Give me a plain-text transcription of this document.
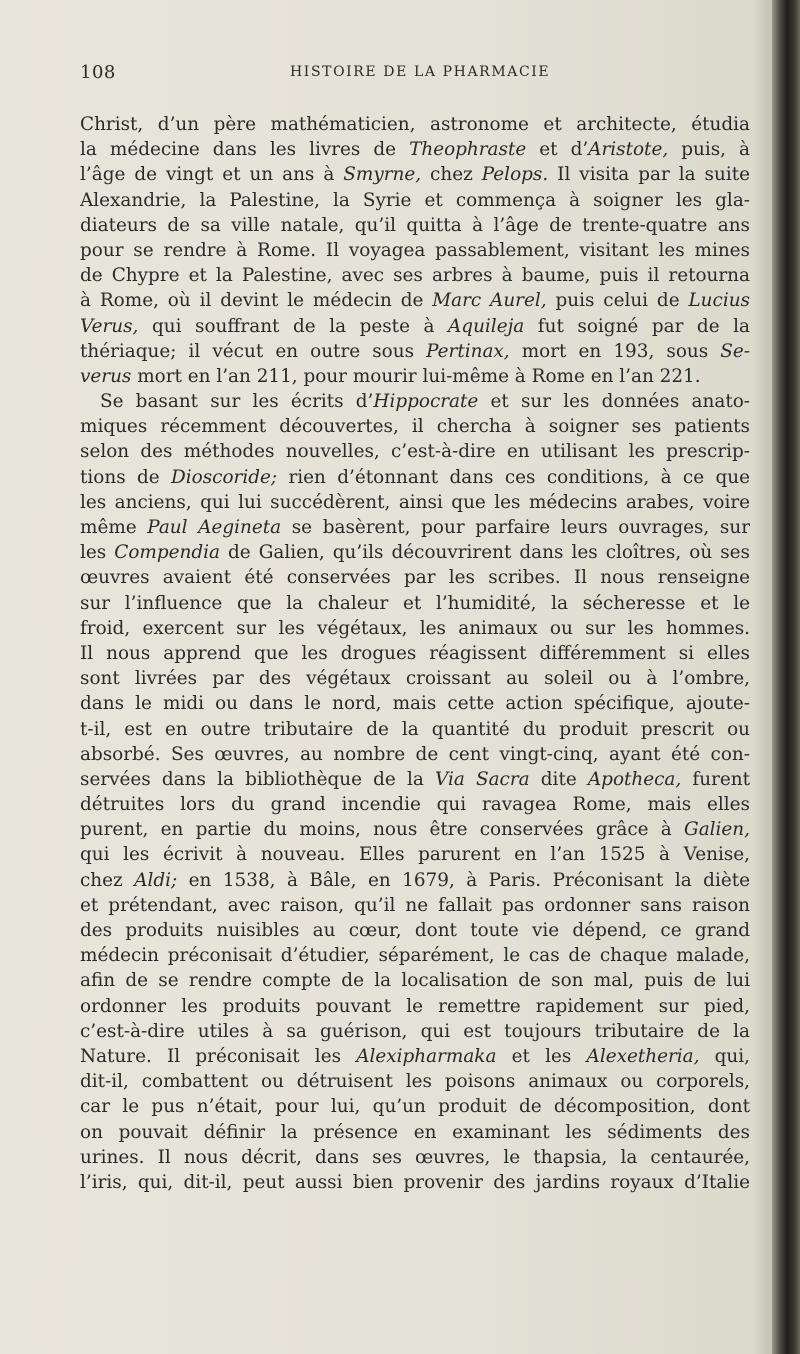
108	HISTOIRE DE LA PHARMACIE
Christ, d’un père mathématicien, astronome et architecte, étudia
la médecine dans les livres de Theophraste et d’Aristote, puis, à
l’âge de vingt et un ans à Smyrne, chez Pelops. Il visita par la suite
Alexandrie, la Palestine, la Syrie et commença à soigner les gla-
diateurs de sa ville natale, qu’il quitta à l’âge de trente-quatre ans
pour se rendre à Rome. Il voyagea passablement, visitant les mines
de Chypre et la Palestine, avec ses arbres à baume, puis il retourna
à Rome, où il devint le médecin de Marc Aurel, puis celui de Lucius
Verus, qui souffrant de la peste à Aquileja fut soigné par de la
thériaque; il vécut en outre sous Pertinax, mort en 193, sous Se-
verus mort en l’an 211, pour mourir lui-même à Rome en l’an 221.
Se basant sur les écrits d’Hippocrate et sur les données anato-
miques récemment découvertes, il chercha à soigner ses patients
selon des méthodes nouvelles, c’est-à-dire en utilisant les prescrip-
tions de Dioscoride; rien d’étonnant dans ces conditions, à ce que
les anciens, qui lui succédèrent, ainsi que les médecins arabes, voire
même Paul Aegineta se basèrent, pour parfaire leurs ouvrages, sur
les Compendia de Galien, qu’ils découvrirent dans les cloîtres, où ses
œuvres avaient été conservées par les scribes. Il nous renseigne
sur l’influence que la chaleur et l’humidité, la sécheresse et le
froid, exercent sur les végétaux, les animaux ou sur les hommes.
Il nous apprend que les drogues réagissent différemment si elles
sont livrées par des végétaux croissant au soleil ou à l’ombre,
dans le midi ou dans le nord, mais cette action spécifique, ajoute-
t-il, est en outre tributaire de la quantité du produit prescrit ou
absorbé. Ses œuvres, au nombre de cent vingt-cinq, ayant été con-
servées dans la bibliothèque de la Via Sacra dite Apotheca, furent
détruites lors du grand incendie qui ravagea Rome, mais elles
purent, en partie du moins, nous être conservées grâce à Galien,
qui les écrivit à nouveau. Elles parurent en l’an 1525 à Venise,
chez Aldi; en 1538, à Bâle, en 1679, à Paris. Préconisant la diète
et prétendant, avec raison, qu’il ne fallait pas ordonner sans raison
des produits nuisibles au cœur, dont toute vie dépend, ce grand
médecin préconisait d’étudier, séparément, le cas de chaque malade,
afin de se rendre compte de la localisation de son mal, puis de lui
ordonner les produits pouvant le remettre rapidement sur pied,
c’est-à-dire utiles à sa guérison, qui est toujours tributaire de la
Nature. Il préconisait les Alexipharmaka et les Alexetheria, qui,
dit-il, combattent ou détruisent les poisons animaux ou corporels,
car le pus n’était, pour lui, qu’un produit de décomposition, dont
on pouvait définir la présence en examinant les sédiments des
urines. Il nous décrit, dans ses œuvres, le thapsia, la centaurée,
l’iris, qui, dit-il, peut aussi bien provenir des jardins royaux d’Italie
